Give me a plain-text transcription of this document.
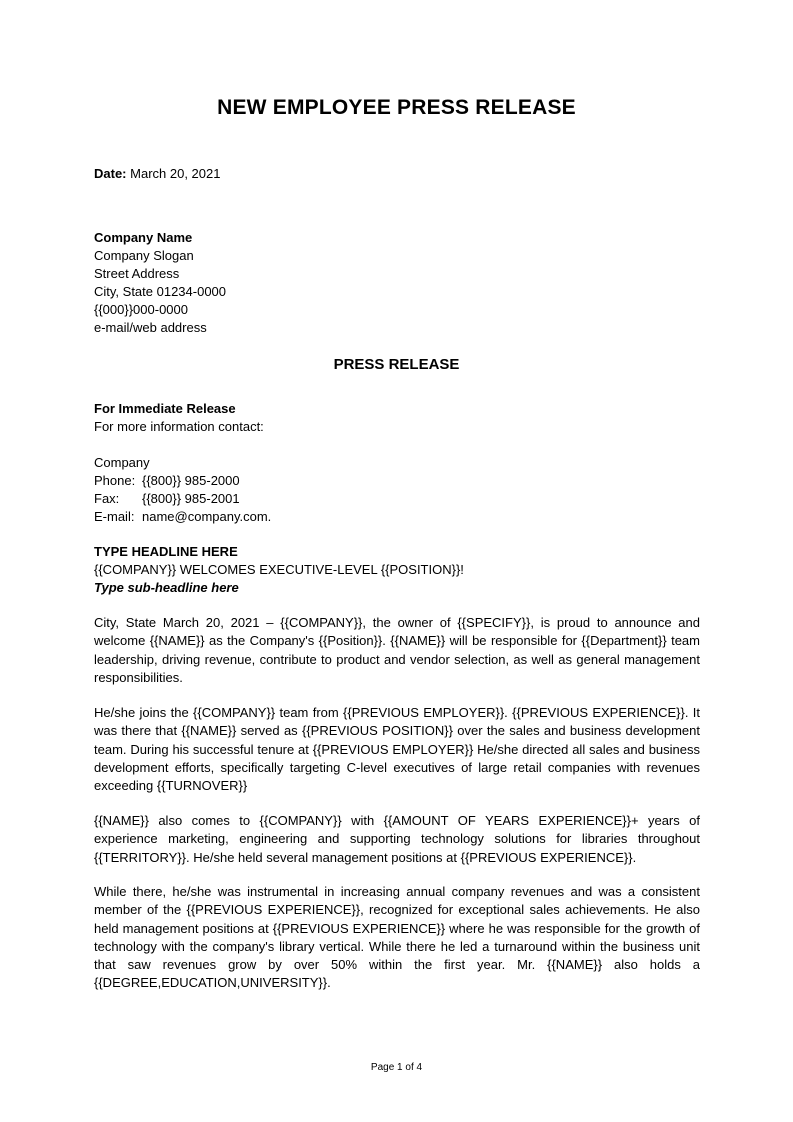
NEW EMPLOYEE PRESS RELEASE
Date: March 20, 2021
Company Name
Company Slogan
Street Address
City, State 01234-0000
{{000}}000-0000
e-mail/web address
PRESS RELEASE
For Immediate Release
For more information contact:
Company
Phone: {{800}} 985-2000
Fax: {{800}} 985-2001
E-mail: name@company.com.
TYPE HEADLINE HERE
{{COMPANY}} WELCOMES EXECUTIVE-LEVEL {{POSITION}}!
Type sub-headline here
City, State March 20, 2021 – {{COMPANY}}, the owner of {{SPECIFY}}, is proud to announce and welcome {{NAME}} as the Company's {{Position}}. {{NAME}} will be responsible for {{Department}} team leadership, driving revenue, contribute to product and vendor selection, as well as general management responsibilities.
He/she joins the {{COMPANY}} team from {{PREVIOUS EMPLOYER}}. {{PREVIOUS EXPERIENCE}}. It was there that {{NAME}} served as {{PREVIOUS POSITION}} over the sales and business development team. During his successful tenure at {{PREVIOUS EMPLOYER}} He/she directed all sales and business development efforts, specifically targeting C-level executives of large retail companies with revenues exceeding {{TURNOVER}}
{{NAME}} also comes to {{COMPANY}} with {{AMOUNT OF YEARS EXPERIENCE}}+ years of experience marketing, engineering and supporting technology solutions for libraries throughout {{TERRITORY}}. He/she held several management positions at {{PREVIOUS EXPERIENCE}}.
While there, he/she was instrumental in increasing annual company revenues and was a consistent member of the {{PREVIOUS EXPERIENCE}}, recognized for exceptional sales achievements. He also held management positions at {{PREVIOUS EXPERIENCE}} where he was responsible for the growth of technology with the company's library vertical. While there he led a turnaround within the business unit that saw revenues grow by over 50% within the first year. Mr. {{NAME}} also holds a {{DEGREE,EDUCATION,UNIVERSITY}}.
Page 1 of 4
